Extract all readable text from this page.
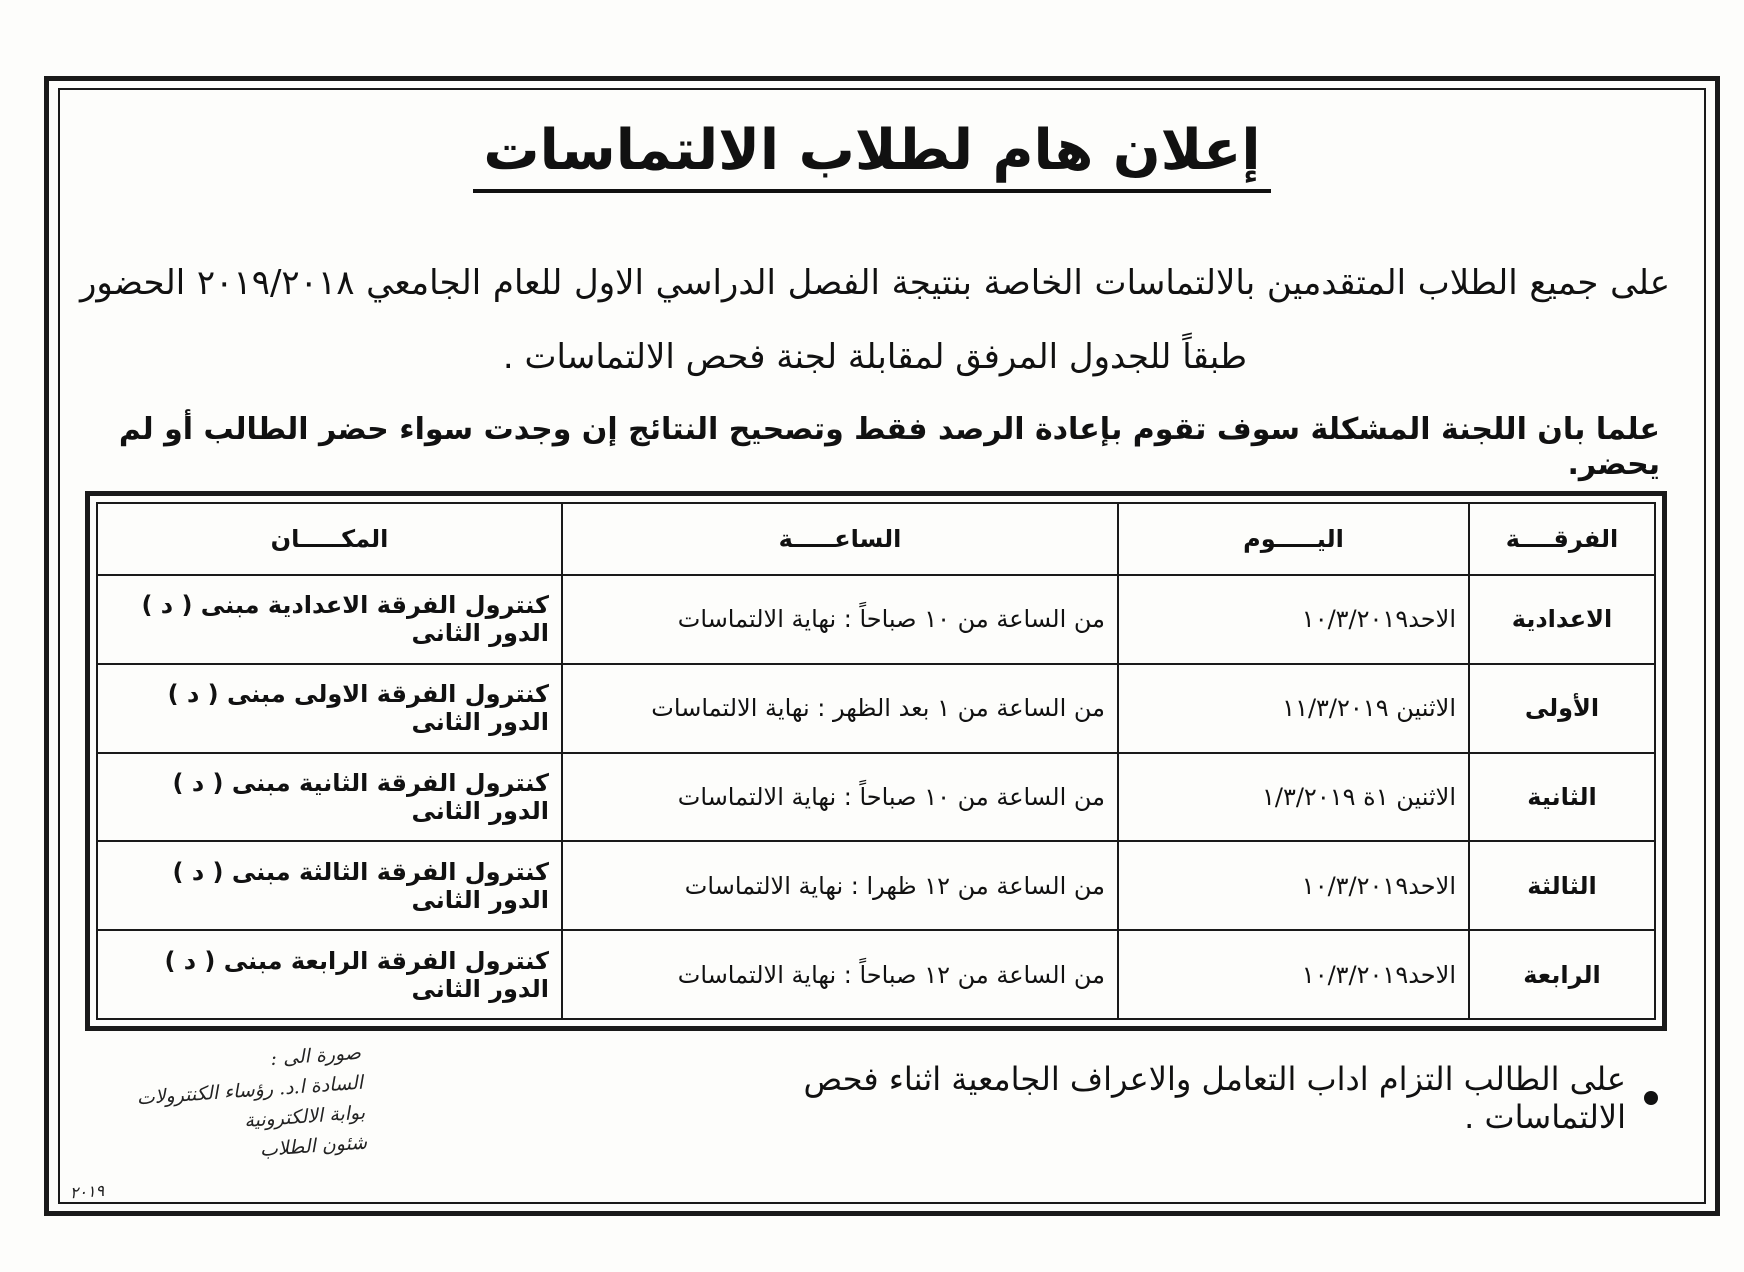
إعلان هام لطلاب الالتماسات
على جميع الطلاب المتقدمين بالالتماسات الخاصة بنتيجة الفصل الدراسي الاول للعام الجامعي ٢٠١٩/٢٠١٨ الحضور طبقاً للجدول المرفق لمقابلة لجنة فحص الالتماسات .
علما بان اللجنة المشكلة سوف تقوم بإعادة الرصد فقط وتصحيح النتائج إن وجدت سواء حضر الطالب أو لم يحضر.
الفرقــــة	اليـــــوم	الساعـــــة	المكـــــان
الاعدادية	الاحد١٠/٣/٢٠١٩	من الساعة من ١٠ صباحاً : نهاية الالتماسات	كنترول الفرقة الاعدادية مبنى ( د ) الدور الثانى
الأولى	الاثنين ١١/٣/٢٠١٩	من الساعة من ١ بعد الظهر : نهاية الالتماسات	كنترول الفرقة الاولى مبنى ( د ) الدور الثانى
الثانية	الاثنين ١ة ١/٣/٢٠١٩	من الساعة من ١٠ صباحاً : نهاية الالتماسات	كنترول الفرقة الثانية مبنى ( د ) الدور الثانى
الثالثة	الاحد١٠/٣/٢٠١٩	من الساعة من ١٢ ظهرا : نهاية الالتماسات	كنترول الفرقة الثالثة مبنى ( د ) الدور الثانى
الرابعة	الاحد١٠/٣/٢٠١٩	من الساعة من ١٢ صباحاً : نهاية الالتماسات	كنترول الفرقة الرابعة مبنى ( د ) الدور الثانى
على الطالب التزام اداب التعامل والاعراف الجامعية اثناء فحص الالتماسات .
صورة الى :
السادة ا.د. رؤساء الكنترولات
بوابة الالكترونية
شئون الطلاب
٢٠١٩
